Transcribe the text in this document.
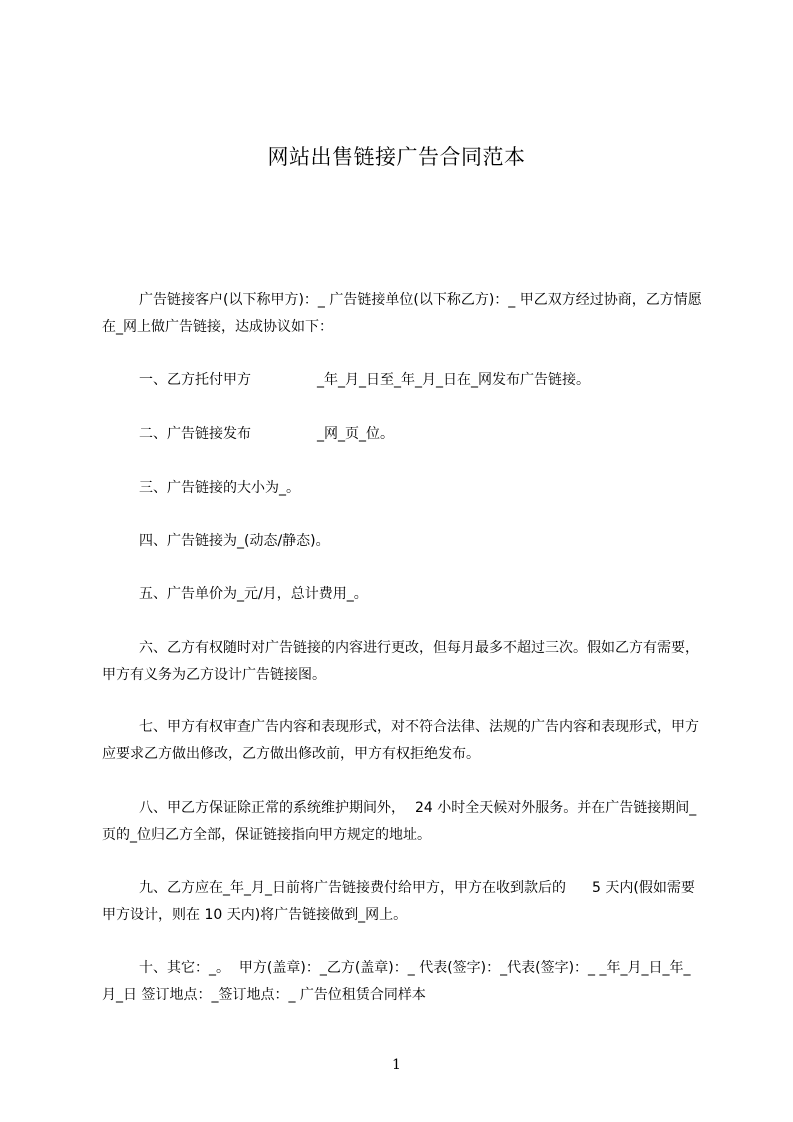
网站出售链接广告合同范本

广告链接客户(以下称甲方)：_ 广告链接单位(以下称乙方)：_ 甲乙双方经过协商，乙方情愿在_网上做广告链接，达成协议如下：

一、乙方托付甲方	_年_月_日至_年_月_日在_网发布广告链接。

二、广告链接发布	_网_页_位。

三、广告链接的大小为_。

四、广告链接为_(动态/静态)。

五、广告单价为_元/月，总计费用_。

六、乙方有权随时对广告链接的内容进行更改，但每月最多不超过三次。假如乙方有需要，甲方有义务为乙方设计广告链接图。

七、甲方有权审查广告内容和表现形式，对不符合法律、法规的广告内容和表现形式，甲方应要求乙方做出修改，乙方做出修改前，甲方有权拒绝发布。

八、甲乙方保证除正常的系统维护期间外， 24 小时全天候对外服务。并在广告链接期间_页的_位归乙方全部，保证链接指向甲方规定的地址。

九、乙方应在_年_月_日前将广告链接费付给甲方，甲方在收到款后的 5 天内(假如需要甲方设计，则在 10 天内)将广告链接做到_网上。

十、其它：_。  甲方(盖章)：_乙方(盖章)：_ 代表(签字)：_代表(签字)：_ _年_月_日_年_月_日 签订地点：_签订地点：_ 广告位租赁合同样本

1
